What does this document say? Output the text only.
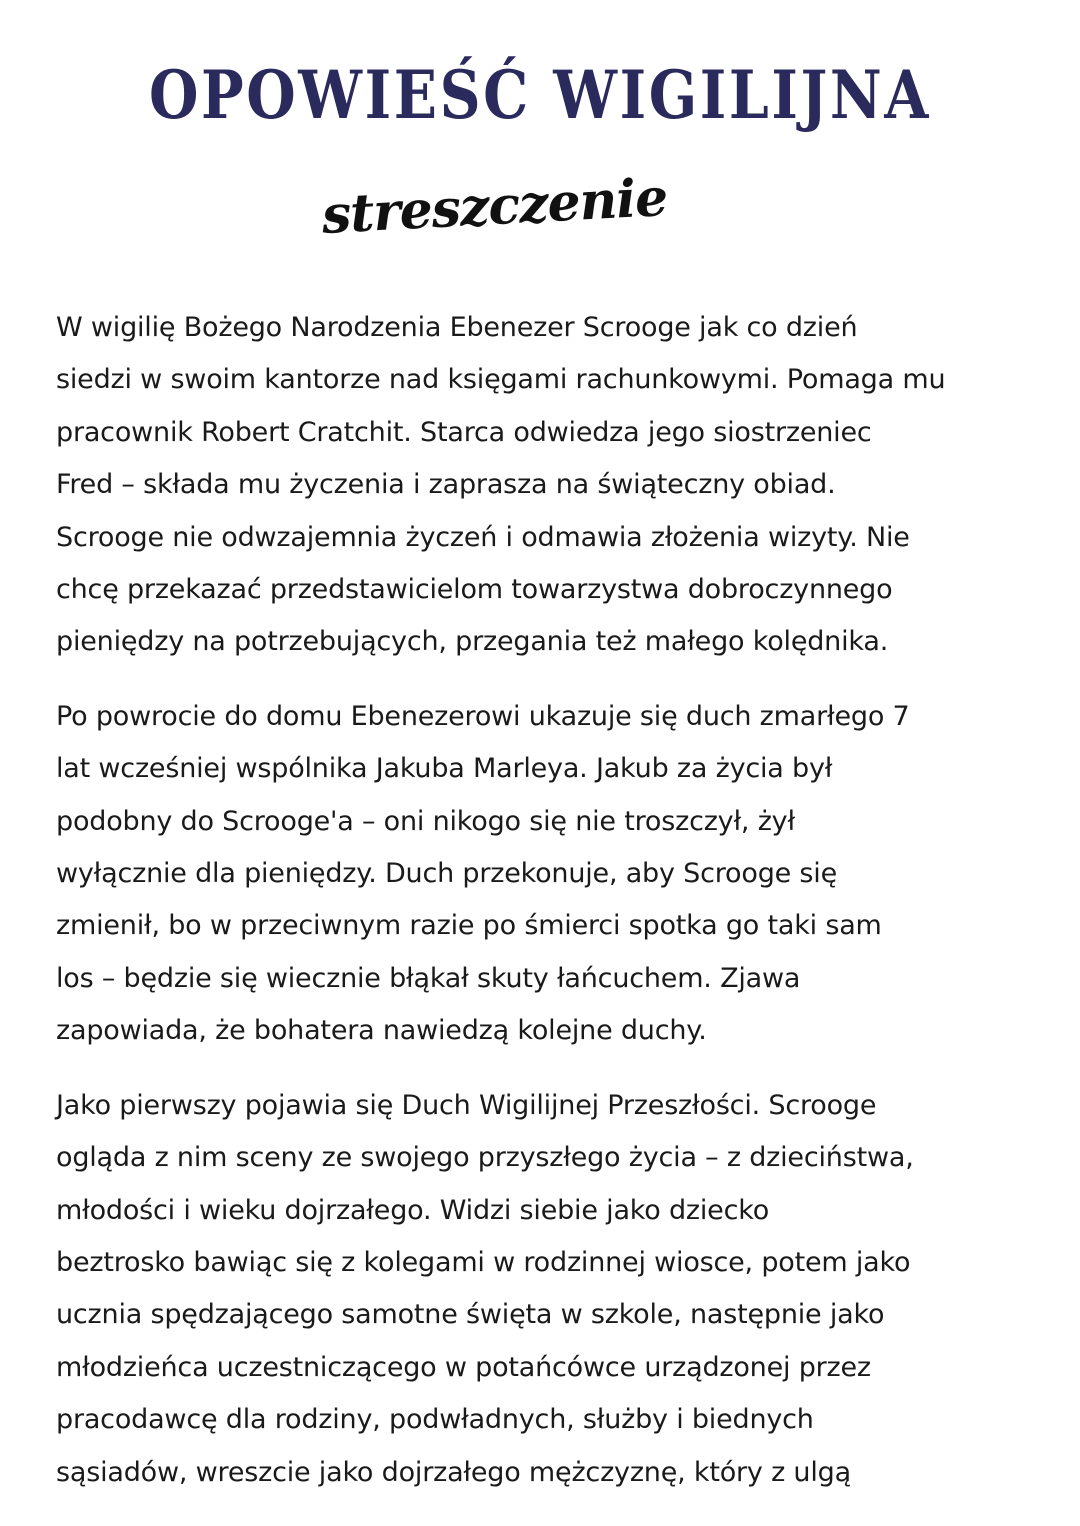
OPOWIEŚĆ WIGILIJNA
streszczenie
W wigilię Bożego Narodzenia Ebenezer Scrooge jak co dzień
siedzi w swoim kantorze nad księgami rachunkowymi. Pomaga mu
pracownik Robert Cratchit. Starca odwiedza jego siostrzeniec
Fred – składa mu życzenia i zaprasza na świąteczny obiad.
Scrooge nie odwzajemnia życzeń i odmawia złożenia wizyty. Nie
chcę przekazać przedstawicielom towarzystwa dobroczynnego
pieniędzy na potrzebujących, przegania też małego kolędnika.
Po powrocie do domu Ebenezerowi ukazuje się duch zmarłego 7
lat wcześniej wspólnika Jakuba Marleya. Jakub za życia był
podobny do Scrooge'a – oni nikogo się nie troszczył, żył
wyłącznie dla pieniędzy. Duch przekonuje, aby Scrooge się
zmienił, bo w przeciwnym razie po śmierci spotka go taki sam
los – będzie się wiecznie błąkał skuty łańcuchem. Zjawa
zapowiada, że bohatera nawiedzą kolejne duchy.
Jako pierwszy pojawia się Duch Wigilijnej Przeszłości. Scrooge
ogląda z nim sceny ze swojego przyszłego życia – z dzieciństwa,
młodości i wieku dojrzałego. Widzi siebie jako dziecko
beztrosko bawiąc się z kolegami w rodzinnej wiosce, potem jako
ucznia spędzającego samotne święta w szkole, następnie jako
młodzieńca uczestniczącego w potańcówce urządzonej przez
pracodawcę dla rodziny, podwładnych, służby i biednych
sąsiadów, wreszcie jako dojrzałego mężczyznę, który z ulgą
